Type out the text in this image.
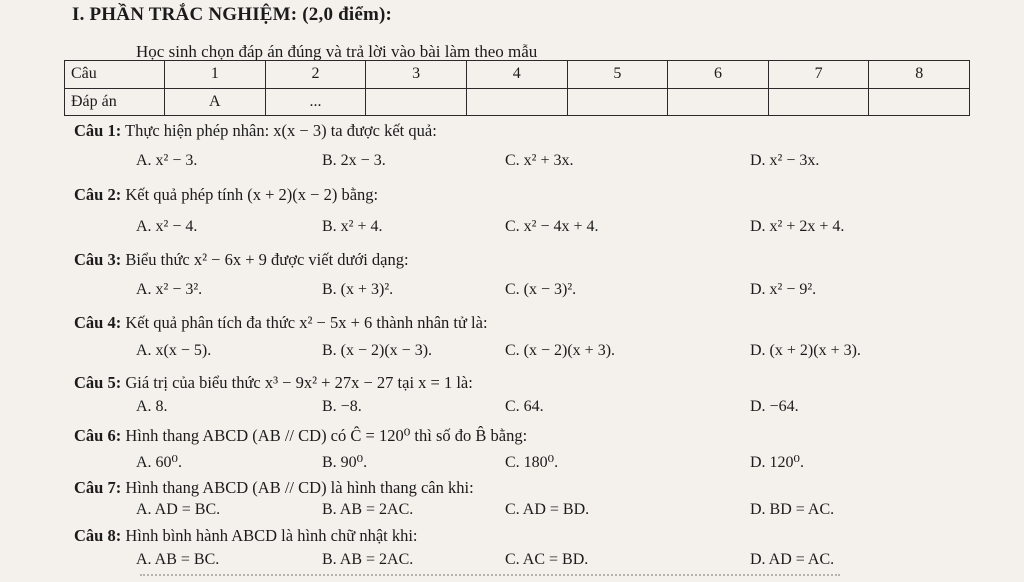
I. PHẦN TRẮC NGHIỆM: (2,0 điểm):
Học sinh chọn đáp án đúng và trả lời vào bài làm theo mẫu
Câu	1	2	3	4	5	6	7	8
Đáp án	A	...						
Câu 1: Thực hiện phép nhân: x(x − 3) ta được kết quả:
A. x² − 3.	B. 2x − 3.	C. x² + 3x.	D. x² − 3x.
Câu 2: Kết quả phép tính (x + 2)(x − 2) bằng:
A. x² − 4.	B. x² + 4.	C. x² − 4x + 4.	D. x² + 2x + 4.
Câu 3: Biểu thức x² − 6x + 9 được viết dưới dạng:
A. x² − 3².	B. (x + 3)².	C. (x − 3)².	D. x² − 9².
Câu 4: Kết quả phân tích đa thức x² − 5x + 6 thành nhân tử là:
A. x(x − 5).	B. (x − 2)(x − 3).	C. (x − 2)(x + 3).	D. (x + 2)(x + 3).
Câu 5: Giá trị của biểu thức x³ − 9x² + 27x − 27 tại x = 1 là:
A. 8.	B. −8.	C. 64.	D. −64.
Câu 6: Hình thang ABCD (AB // CD) có Ĉ = 120⁰ thì số đo B̂ bằng:
A. 60⁰.	B. 90⁰.	C. 180⁰.	D. 120⁰.
Câu 7: Hình thang ABCD (AB // CD) là hình thang cân khi:
A. AD = BC.	B. AB = 2AC.	C. AD = BD.	D. BD = AC.
Câu 8: Hình bình hành ABCD là hình chữ nhật khi:
A. AB = BC.	B. AB = 2AC.	C. AC = BD.	D. AD = AC.
